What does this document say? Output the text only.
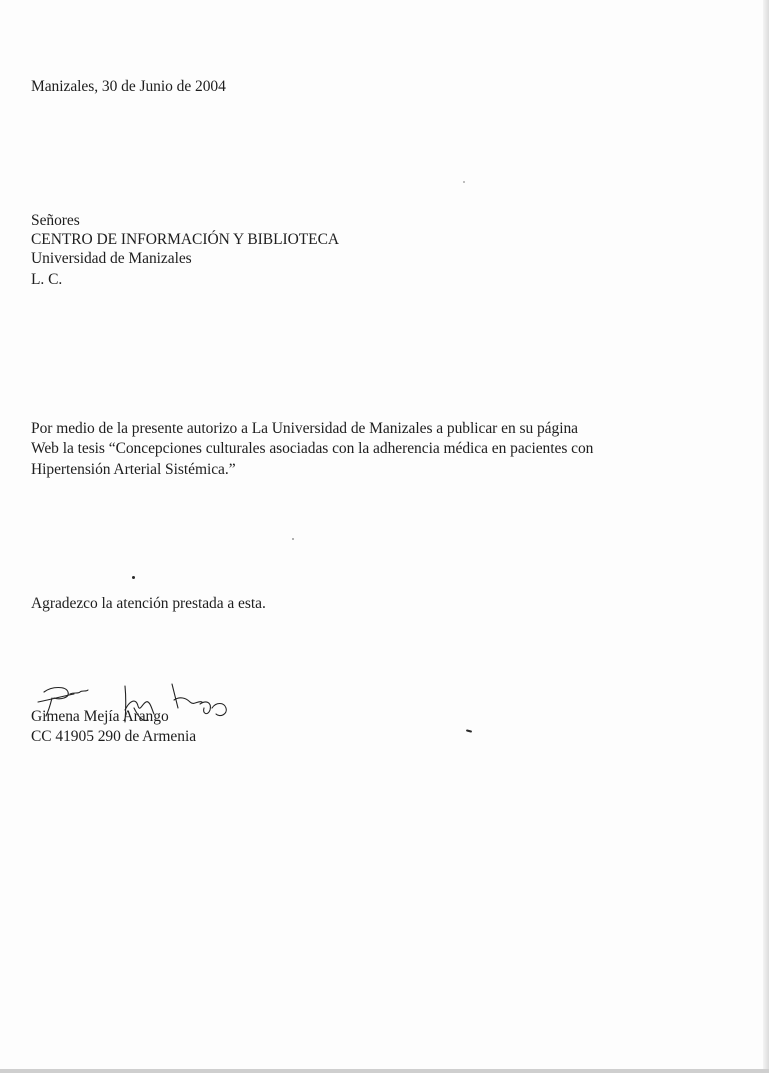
Manizales, 30 de Junio de 2004
Señores
CENTRO DE INFORMACIÓN Y BIBLIOTECA
Universidad de Manizales
L. C.
Por medio de la presente autorizo a La Universidad de Manizales a publicar en su página
Web la tesis “Concepciones culturales asociadas con la adherencia médica en pacientes con
Hipertensión Arterial Sistémica.”
Agradezco la atención prestada a esta.
Gimena Mejía Arango
CC 41905 290 de Armenia
